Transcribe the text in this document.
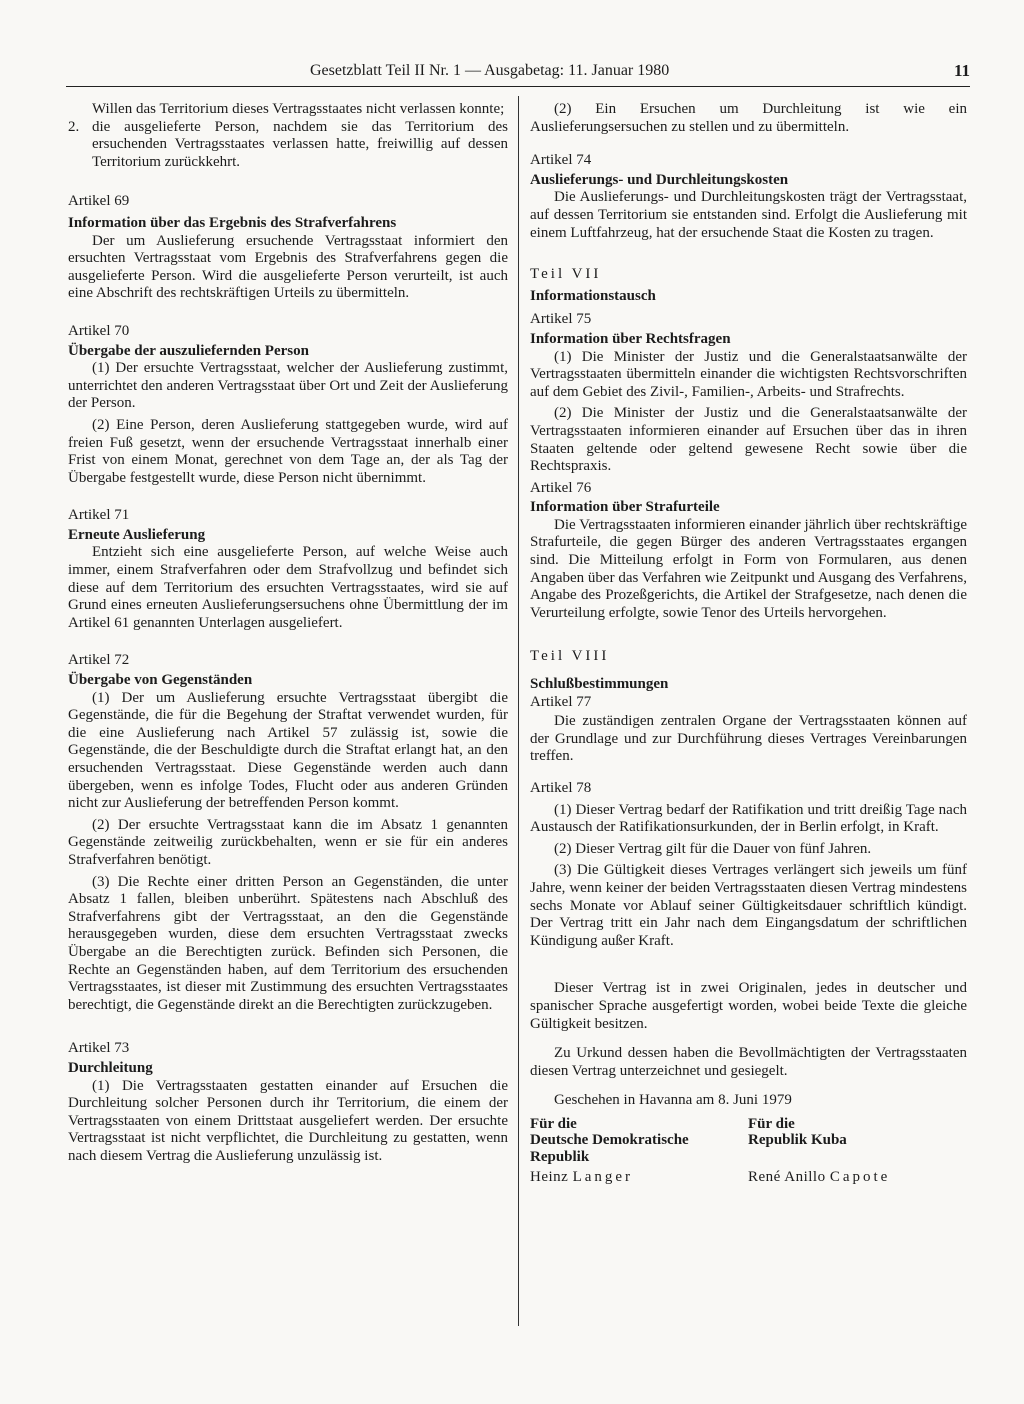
Gesetzblatt Teil II Nr. 1 — Ausgabetag: 11. Januar 1980	11

Willen das Territorium dieses Vertragsstaates nicht verlassen konnte;

2. die ausgelieferte Person, nachdem sie das Territorium des ersuchenden Vertragsstaates verlassen hatte, freiwillig auf dessen Territorium zurückkehrt.

Artikel 69

Information über das Ergebnis des Strafverfahrens

Der um Auslieferung ersuchende Vertragsstaat informiert den ersuchten Vertragsstaat vom Ergebnis des Strafverfahrens gegen die ausgelieferte Person. Wird die ausgelieferte Person verurteilt, ist auch eine Abschrift des rechtskräftigen Urteils zu übermitteln.

Artikel 70

Übergabe der auszuliefernden Person

(1) Der ersuchte Vertragsstaat, welcher der Auslieferung zustimmt, unterrichtet den anderen Vertragsstaat über Ort und Zeit der Auslieferung der Person.

(2) Eine Person, deren Auslieferung stattgegeben wurde, wird auf freien Fuß gesetzt, wenn der ersuchende Vertragsstaat innerhalb einer Frist von einem Monat, gerechnet von dem Tage an, der als Tag der Übergabe festgestellt wurde, diese Person nicht übernimmt.

Artikel 71

Erneute Auslieferung

Entzieht sich eine ausgelieferte Person, auf welche Weise auch immer, einem Strafverfahren oder dem Strafvollzug und befindet sich diese auf dem Territorium des ersuchten Vertragsstaates, wird sie auf Grund eines erneuten Auslieferungsersuchens ohne Übermittlung der im Artikel 61 genannten Unterlagen ausgeliefert.

Artikel 72

Übergabe von Gegenständen

(1) Der um Auslieferung ersuchte Vertragsstaat übergibt die Gegenstände, die für die Begehung der Straftat verwendet wurden, für die eine Auslieferung nach Artikel 57 zulässig ist, sowie die Gegenstände, die der Beschuldigte durch die Straftat erlangt hat, an den ersuchenden Vertragsstaat. Diese Gegenstände werden auch dann übergeben, wenn es infolge Todes, Flucht oder aus anderen Gründen nicht zur Auslieferung der betreffenden Person kommt.

(2) Der ersuchte Vertragsstaat kann die im Absatz 1 genannten Gegenstände zeitweilig zurückbehalten, wenn er sie für ein anderes Strafverfahren benötigt.

(3) Die Rechte einer dritten Person an Gegenständen, die unter Absatz 1 fallen, bleiben unberührt. Spätestens nach Abschluß des Strafverfahrens gibt der Vertragsstaat, an den die Gegenstände herausgegeben wurden, diese dem ersuchten Vertragsstaat zwecks Übergabe an die Berechtigten zurück. Befinden sich Personen, die Rechte an Gegenständen haben, auf dem Territorium des ersuchenden Vertragsstaates, ist dieser mit Zustimmung des ersuchten Vertragsstaates berechtigt, die Gegenstände direkt an die Berechtigten zurückzugeben.

Artikel 73

Durchleitung

(1) Die Vertragsstaaten gestatten einander auf Ersuchen die Durchleitung solcher Personen durch ihr Territorium, die einem der Vertragsstaaten von einem Drittstaat ausgeliefert werden. Der ersuchte Vertragsstaat ist nicht verpflichtet, die Durchleitung zu gestatten, wenn nach diesem Vertrag die Auslieferung unzulässig ist.

(2) Ein Ersuchen um Durchleitung ist wie ein Auslieferungsersuchen zu stellen und zu übermitteln.

Artikel 74

Auslieferungs- und Durchleitungskosten

Die Auslieferungs- und Durchleitungskosten trägt der Vertragsstaat, auf dessen Territorium sie entstanden sind. Erfolgt die Auslieferung mit einem Luftfahrzeug, hat der ersuchende Staat die Kosten zu tragen.

Teil VII

Informationstausch

Artikel 75

Information über Rechtsfragen

(1) Die Minister der Justiz und die Generalstaatsanwälte der Vertragsstaaten übermitteln einander die wichtigsten Rechtsvorschriften auf dem Gebiet des Zivil-, Familien-, Arbeits- und Strafrechts.

(2) Die Minister der Justiz und die Generalstaatsanwälte der Vertragsstaaten informieren einander auf Ersuchen über das in ihren Staaten geltende oder geltend gewesene Recht sowie über die Rechtspraxis.

Artikel 76

Information über Strafurteile

Die Vertragsstaaten informieren einander jährlich über rechtskräftige Strafurteile, die gegen Bürger des anderen Vertragsstaates ergangen sind. Die Mitteilung erfolgt in Form von Formularen, aus denen Angaben über das Verfahren wie Zeitpunkt und Ausgang des Verfahrens, Angabe des Prozeßgerichts, die Artikel der Strafgesetze, nach denen die Verurteilung erfolgte, sowie Tenor des Urteils hervorgehen.

Teil VIII

Schlußbestimmungen

Artikel 77

Die zuständigen zentralen Organe der Vertragsstaaten können auf der Grundlage und zur Durchführung dieses Vertrages Vereinbarungen treffen.

Artikel 78

(1) Dieser Vertrag bedarf der Ratifikation und tritt dreißig Tage nach Austausch der Ratifikationsurkunden, der in Berlin erfolgt, in Kraft.

(2) Dieser Vertrag gilt für die Dauer von fünf Jahren.

(3) Die Gültigkeit dieses Vertrages verlängert sich jeweils um fünf Jahre, wenn keiner der beiden Vertragsstaaten diesen Vertrag mindestens sechs Monate vor Ablauf seiner Gültigkeitsdauer schriftlich kündigt. Der Vertrag tritt ein Jahr nach dem Eingangsdatum der schriftlichen Kündigung außer Kraft.

Dieser Vertrag ist in zwei Originalen, jedes in deutscher und spanischer Sprache ausgefertigt worden, wobei beide Texte die gleiche Gültigkeit besitzen.

Zu Urkund dessen haben die Bevollmächtigten der Vertragsstaaten diesen Vertrag unterzeichnet und gesiegelt.

Geschehen in Havanna am 8. Juni 1979

Für die
Deutsche Demokratische
Republik
Heinz Langer
Für die
Republik Kuba
René Anillo Capote
